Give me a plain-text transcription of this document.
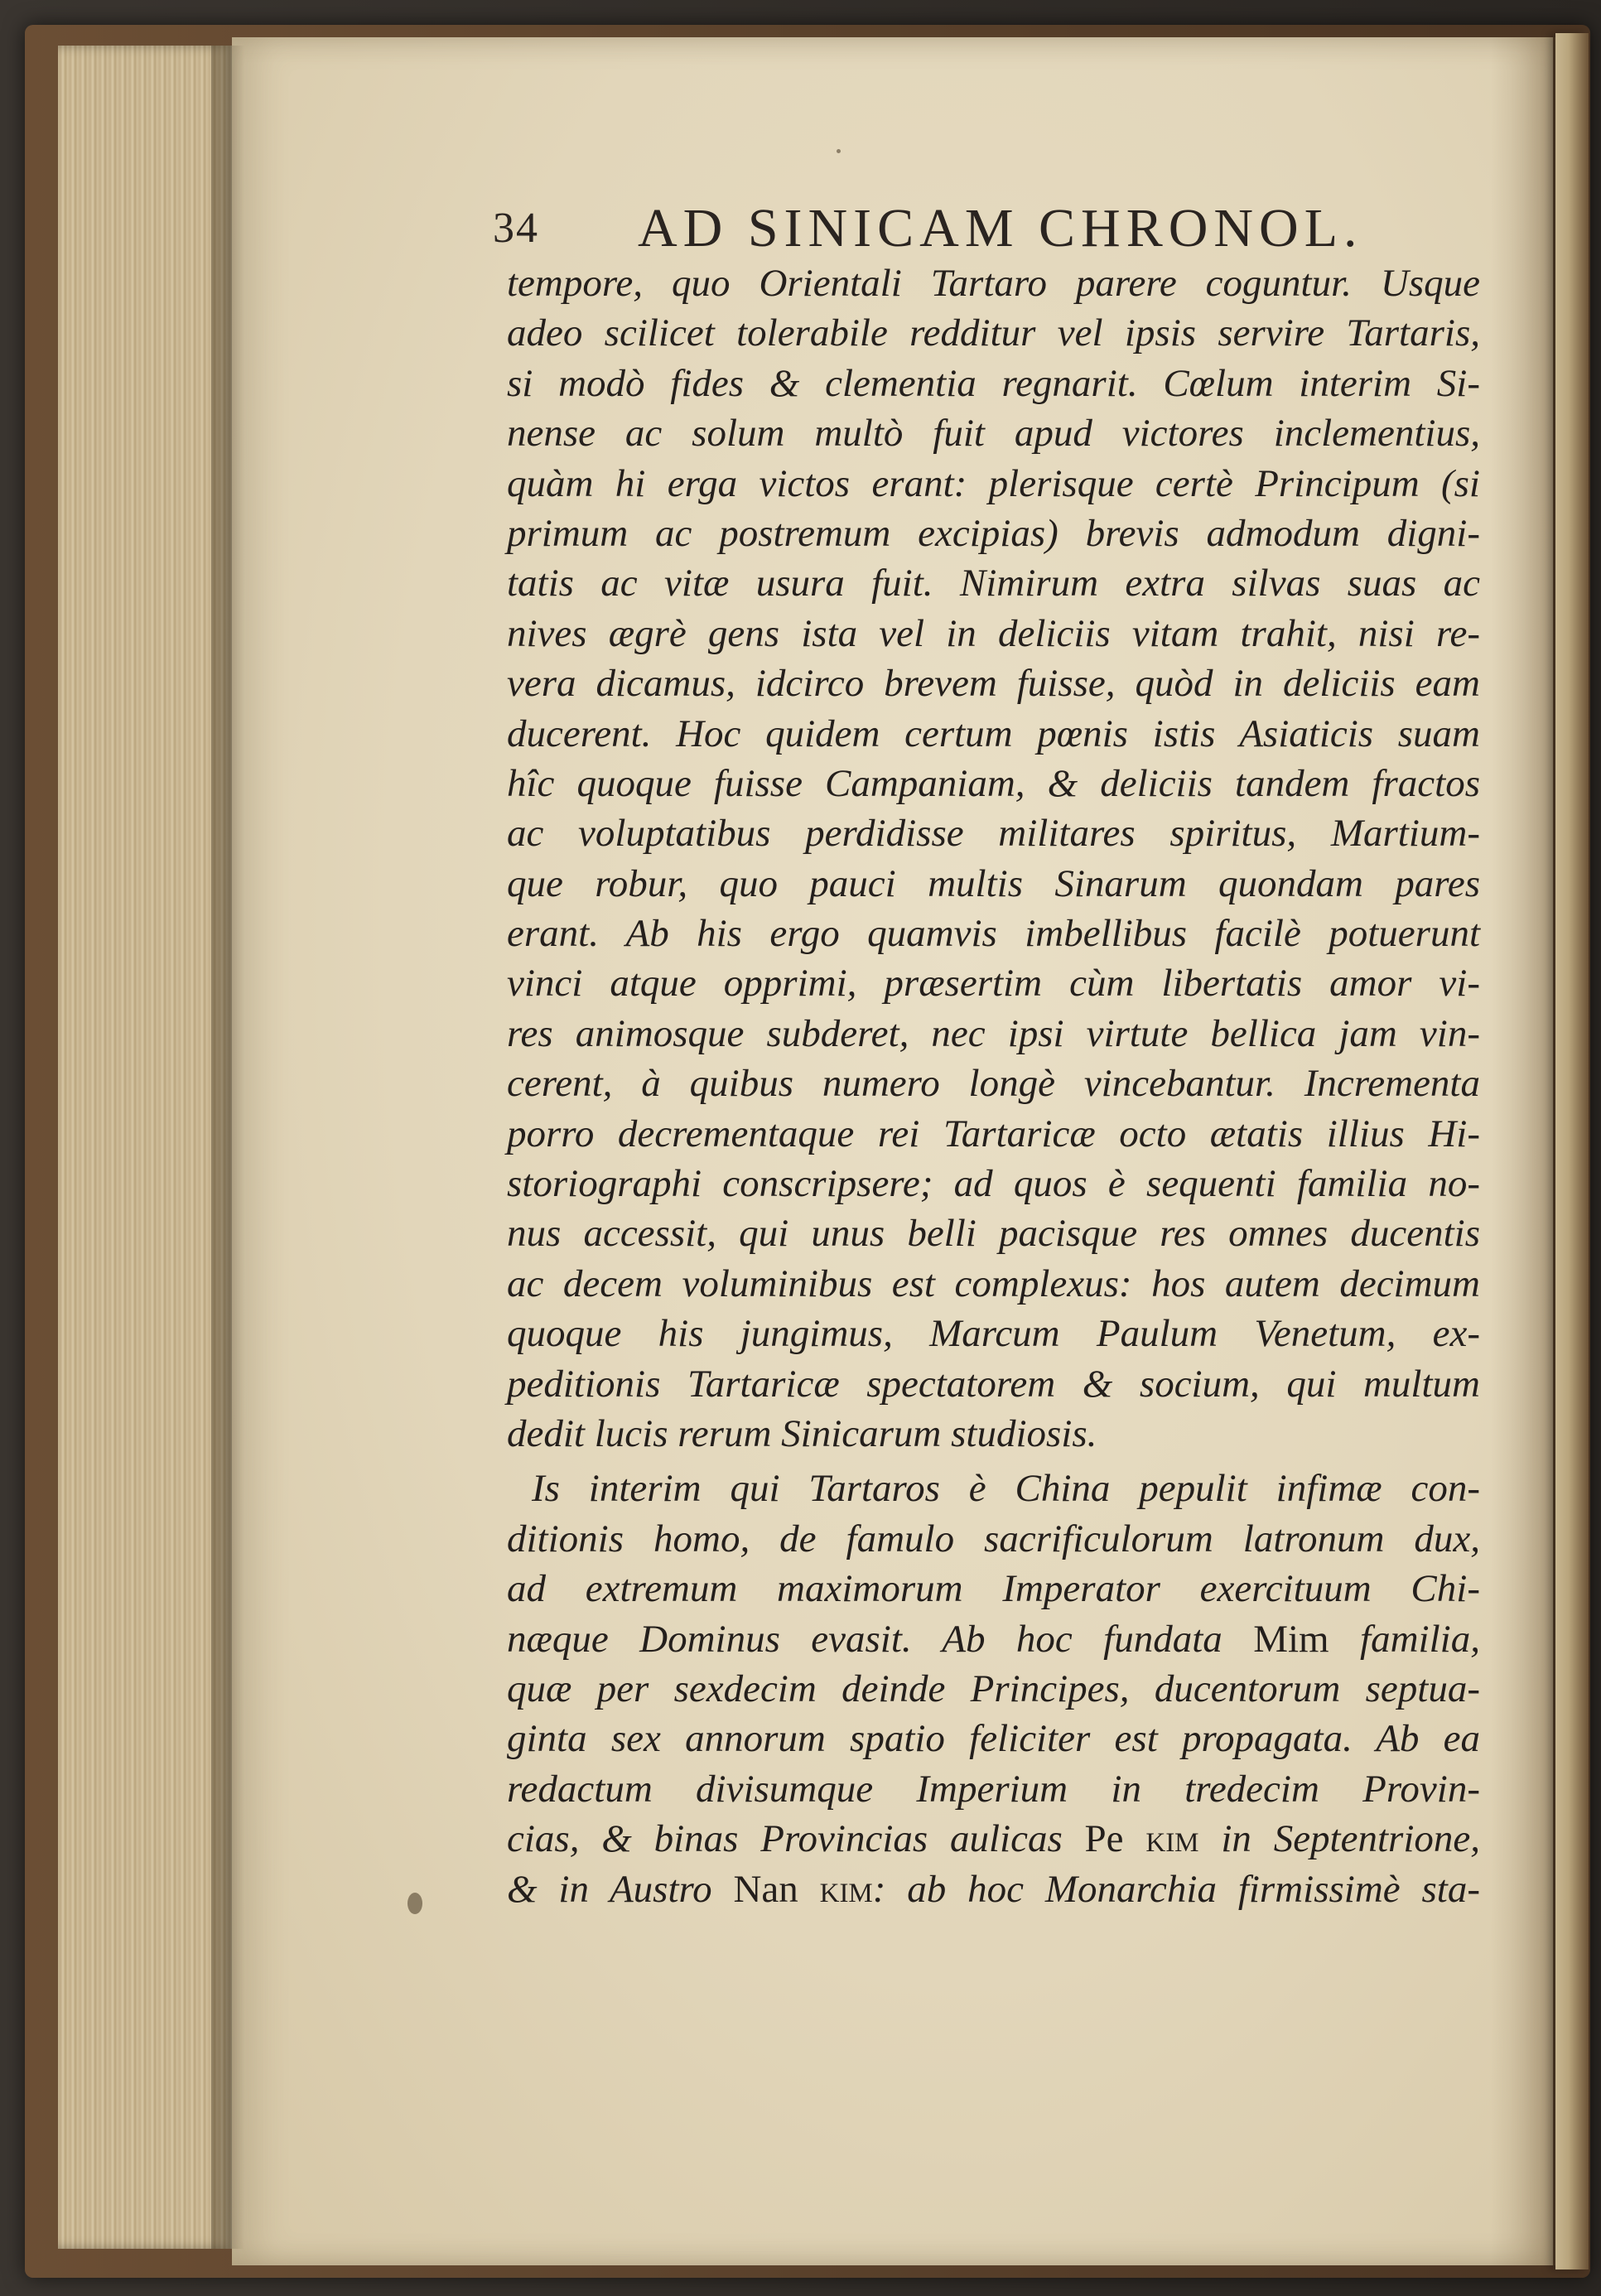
34 AD SINICAM CHRONOL.
tempore, quo Orientali Tartaro parere coguntur. Usque
adeo scilicet tolerabile redditur vel ipsis servire Tartaris,
si modò fides & clementia regnarit. Cœlum interim Si-
nense ac solum multò fuit apud victores inclementius,
quàm hi erga victos erant: plerisque certè Principum (si
primum ac postremum excipias) brevis admodum digni-
tatis ac vitæ usura fuit. Nimirum extra silvas suas ac
nives ægrè gens ista vel in deliciis vitam trahit, nisi re-
vera dicamus, idcirco brevem fuisse, quòd in deliciis eam
ducerent. Hoc quidem certum pœnis istis Asiaticis suam
hîc quoque fuisse Campaniam, & deliciis tandem fractos
ac voluptatibus perdidisse militares spiritus, Martium-
que robur, quo pauci multis Sinarum quondam pares
erant. Ab his ergo quamvis imbellibus facilè potuerunt
vinci atque opprimi, præsertim cùm libertatis amor vi-
res animosque subderet, nec ipsi virtute bellica jam vin-
cerent, à quibus numero longè vincebantur. Incrementa
porro decrementaque rei Tartaricæ octo ætatis illius Hi-
storiographi conscripsere; ad quos è sequenti familia no-
nus accessit, qui unus belli pacisque res omnes ducentis
ac decem voluminibus est complexus: hos autem decimum
quoque his jungimus, Marcum Paulum Venetum, ex-
peditionis Tartaricæ spectatorem & socium, qui multum
dedit lucis rerum Sinicarum studiosis.
Is interim qui Tartaros è China pepulit infimæ con-
ditionis homo, de famulo sacrificulorum latronum dux,
ad extremum maximorum Imperator exercituum Chi-
næque Dominus evasit. Ab hoc fundata Mim familia,
quæ per sexdecim deinde Principes, ducentorum septua-
ginta sex annorum spatio feliciter est propagata. Ab ea
redactum divisumque Imperium in tredecim Provin-
cias, & binas Provincias aulicas Pe kim in Septentrione,
& in Austro Nan kim: ab hoc Monarchia firmissimè sta-
